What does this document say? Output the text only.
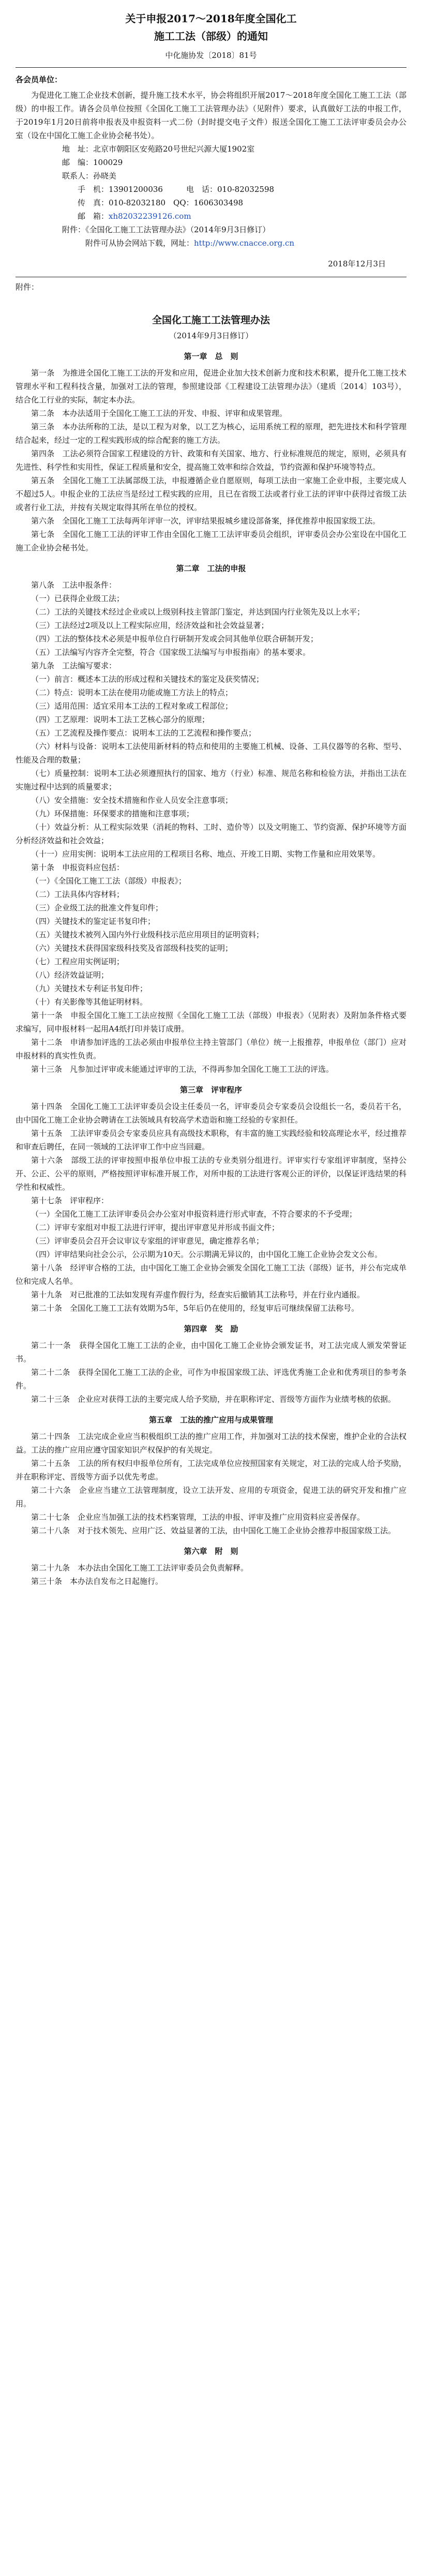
关于申报2017～2018年度全国化工
施工工法（部级）的通知
中化施协发〔2018〕81号

各会员单位：

为促进化工施工企业技术创新，提升施工技术水平，协会将组织开展2017～2018年度全国化工施工工法（部级）的申报工作。请各会员单位按照《全国化工施工工法管理办法》（见附件）要求，认真做好工法的申报工作，于2019年1月20日前将申报表及申报资料一式二份（封时提交电子文件）报送全国化工施工工法评审委员会办公室（设在中国化工施工企业协会秘书处）。

地　址：北京市朝阳区安苑路20号世纪兴源大厦1902室

邮　编：100029

联系人：孙晓美

手　机：13901200036　　　电　话：010-82032598

传　真：010-82032180　QQ：1606303498

邮　箱：xh82032239126.com

附件：《全国化工施工工法管理办法》（2014年9月3日修订）

　　　附件可从协会网站下载，网址：http://www.cnacce.org.cn

2018年12月3日

附件：

全国化工施工工法管理办法
（2014年9月3日修订）
第一章　总　则

第一条　为推进全国化工施工工法的开发和应用，促进企业加大技术创新力度和技术积累，提升化工施工技术管理水平和工程科技含量，加强对工法的管理，参照建设部《工程建设工法管理办法》（建质〔2014〕103号），结合化工行业的实际，制定本办法。

第二条　本办法适用于全国化工施工工法的开发、申报、评审和成果管理。

第三条　本办法所称的工法，是以工程为对象，以工艺为核心，运用系统工程的原理，把先进技术和科学管理结合起来，经过一定的工程实践形成的综合配套的施工方法。

第四条　工法必须符合国家工程建设的方针、政策和有关国家、地方、行业标准规范的规定，原则，必须具有先进性、科学性和实用性，保证工程质量和安全，提高施工效率和综合效益，节约资源和保护环境等特点。

第五条　全国化工施工工法属部级工法，申报遵循企业自愿原则，每项工法由一家施工企业申报，主要完成人不超过5人。申报企业的工法应当是经过工程实践的应用，且已在省级工法或者行业工法的评审中获得过省级工法或者行业工法，并按有关规定取得其所在单位的授权。

第六条　全国化工施工工法每两年评审一次，评审结果报城乡建设部备案，择优推荐申报国家级工法。

第七条　全国化工施工工法的评审工作由全国化工施工工法评审委员会组织，评审委员会办公室设在中国化工施工企业协会秘书处。

第二章　工法的申报

第八条　工法申报条件：

（一）已获得企业级工法；

（二）工法的关键技术经过企业或以上级别科技主管部门鉴定，并达到国内行业领先及以上水平；

（三）工法经过2项及以上工程实际应用，经济效益和社会效益显著；

（四）工法的整体技术必须是申报单位自行研制开发或会同其他单位联合研制开发；

（五）工法编写内容齐全完整，符合《国家级工法编写与申报指南》的基本要求。

第九条　工法编写要求：

（一）前言：概述本工法的形成过程和关键技术的鉴定及获奖情况；

（二）特点：说明本工法在使用功能或施工方法上的特点；

（三）适用范围：适宜采用本工法的工程对象或工程部位；

（四）工艺原理：说明本工法工艺核心部分的原理；

（五）工艺流程及操作要点：说明本工法的工艺流程和操作要点；

（六）材料与设备：说明本工法使用新材料的特点和使用的主要施工机械、设备、工具仪器等的名称、型号、性能及合理的数量；

（七）质量控制：说明本工法必须遵照执行的国家、地方（行业）标准、规范名称和检验方法，并指出工法在实施过程中达到的质量要求；

（八）安全措施：安全技术措施和作业人员安全注意事项；

（九）环保措施：环保要求的措施和注意事项；

（十）效益分析：从工程实际效果（消耗的物料、工时、造价等）以及文明施工、节约资源、保护环境等方面分析经济效益和社会效益；

（十一）应用实例：说明本工法应用的工程项目名称、地点、开竣工日期、实物工作量和应用效果等。

第十条　申报资料应包括：

（一）《全国化工施工工法（部级）申报表》；

（二）工法具体内容材料；

（三）企业级工法的批准文件复印件；

（四）关键技术的鉴定证书复印件；

（五）关键技术被列入国内外行业级科技示范应用项目的证明资料；

（六）关键技术获得国家级科技奖及省部级科技奖的证明；

（七）工程应用实例证明；

（八）经济效益证明；

（九）关键技术专利证书复印件；

（十）有关影像等其他证明材料。

第十一条　申报全国化工施工工法应按照《全国化工施工工法（部级）申报表》（见附表）及附加条件格式要求编写，同申报材料一起用A4纸打印并装订成册。

第十二条　申请参加评选的工法必须由申报单位主持主管部门（单位）统一上报推荐，申报单位（部门）应对申报材料的真实性负责。

第十三条　凡参加过评审或未能通过评审的工法，不得再参加全国化工施工工法的评选。

第三章　评审程序

第十四条　全国化工施工工法评审委员会设主任委员一名，评审委员会专家委员会设组长一名，委员若干名，由中国化工施工企业协会聘请在工法领域具有较高学术造诣和施工经验的专家担任。

第十五条　工法评审委员会专家委员应具有高级技术职称，有丰富的施工实践经验和较高理论水平，经过推荐和审查后聘任，在同一领域的工法评审工作中应当回避。

第十六条　部级工法的评审按照申报单位申报工法的专业类别分组进行。评审实行专家组评审制度，坚持公开、公正、公平的原则，严格按照评审标准开展工作，对所申报的工法进行客观公正的评价，以保证评选结果的科学性和权威性。

第十七条　评审程序：

（一）全国化工施工工法评审委员会办公室对申报资料进行形式审查，不符合要求的不予受理；

（二）评审专家组对申报工法进行评审，提出评审意见并形成书面文件；

（三）评审委员会召开会议审议专家组的评审意见，确定推荐名单；

（四）评审结果向社会公示，公示期为10天。公示期满无异议的，由中国化工施工企业协会发文公布。

第十八条　经评审合格的工法，由中国化工施工企业协会颁发全国化工施工工法（部级）证书，并公布完成单位和完成人名单。

第十九条　对已批准的工法如发现有弄虚作假行为，经查实后撤销其工法称号，并在行业内通报。

第二十条　全国化工施工工法有效期为5年，5年后仍在使用的，经复审后可继续保留工法称号。

第四章　奖　励

第二十一条　获得全国化工施工工法的企业，由中国化工施工企业协会颁发证书，对工法完成人颁发荣誉证书。

第二十二条　获得全国化工施工工法的企业，可作为申报国家级工法、评选优秀施工企业和优秀项目的参考条件。

第二十三条　企业应对获得工法的主要完成人给予奖励，并在职称评定、晋级等方面作为业绩考核的依据。

第五章　工法的推广应用与成果管理

第二十四条　工法完成企业应当积极组织工法的推广应用工作，并加强对工法的技术保密，维护企业的合法权益。工法的推广应用应遵守国家知识产权保护的有关规定。

第二十五条　工法的所有权归申报单位所有，工法完成单位应按照国家有关规定，对工法的完成人给予奖励，并在职称评定、晋级等方面予以优先考虑。

第二十六条　企业应当建立工法管理制度，设立工法开发、应用的专项资金，促进工法的研究开发和推广应用。

第二十七条　企业应当加强工法的技术档案管理，工法的申报、评审及推广应用资料应妥善保存。

第二十八条　对于技术领先、应用广泛、效益显著的工法，由中国化工施工企业协会推荐申报国家级工法。

第六章　附　则

第二十九条　本办法由全国化工施工工法评审委员会负责解释。

第三十条　本办法自发布之日起施行。
